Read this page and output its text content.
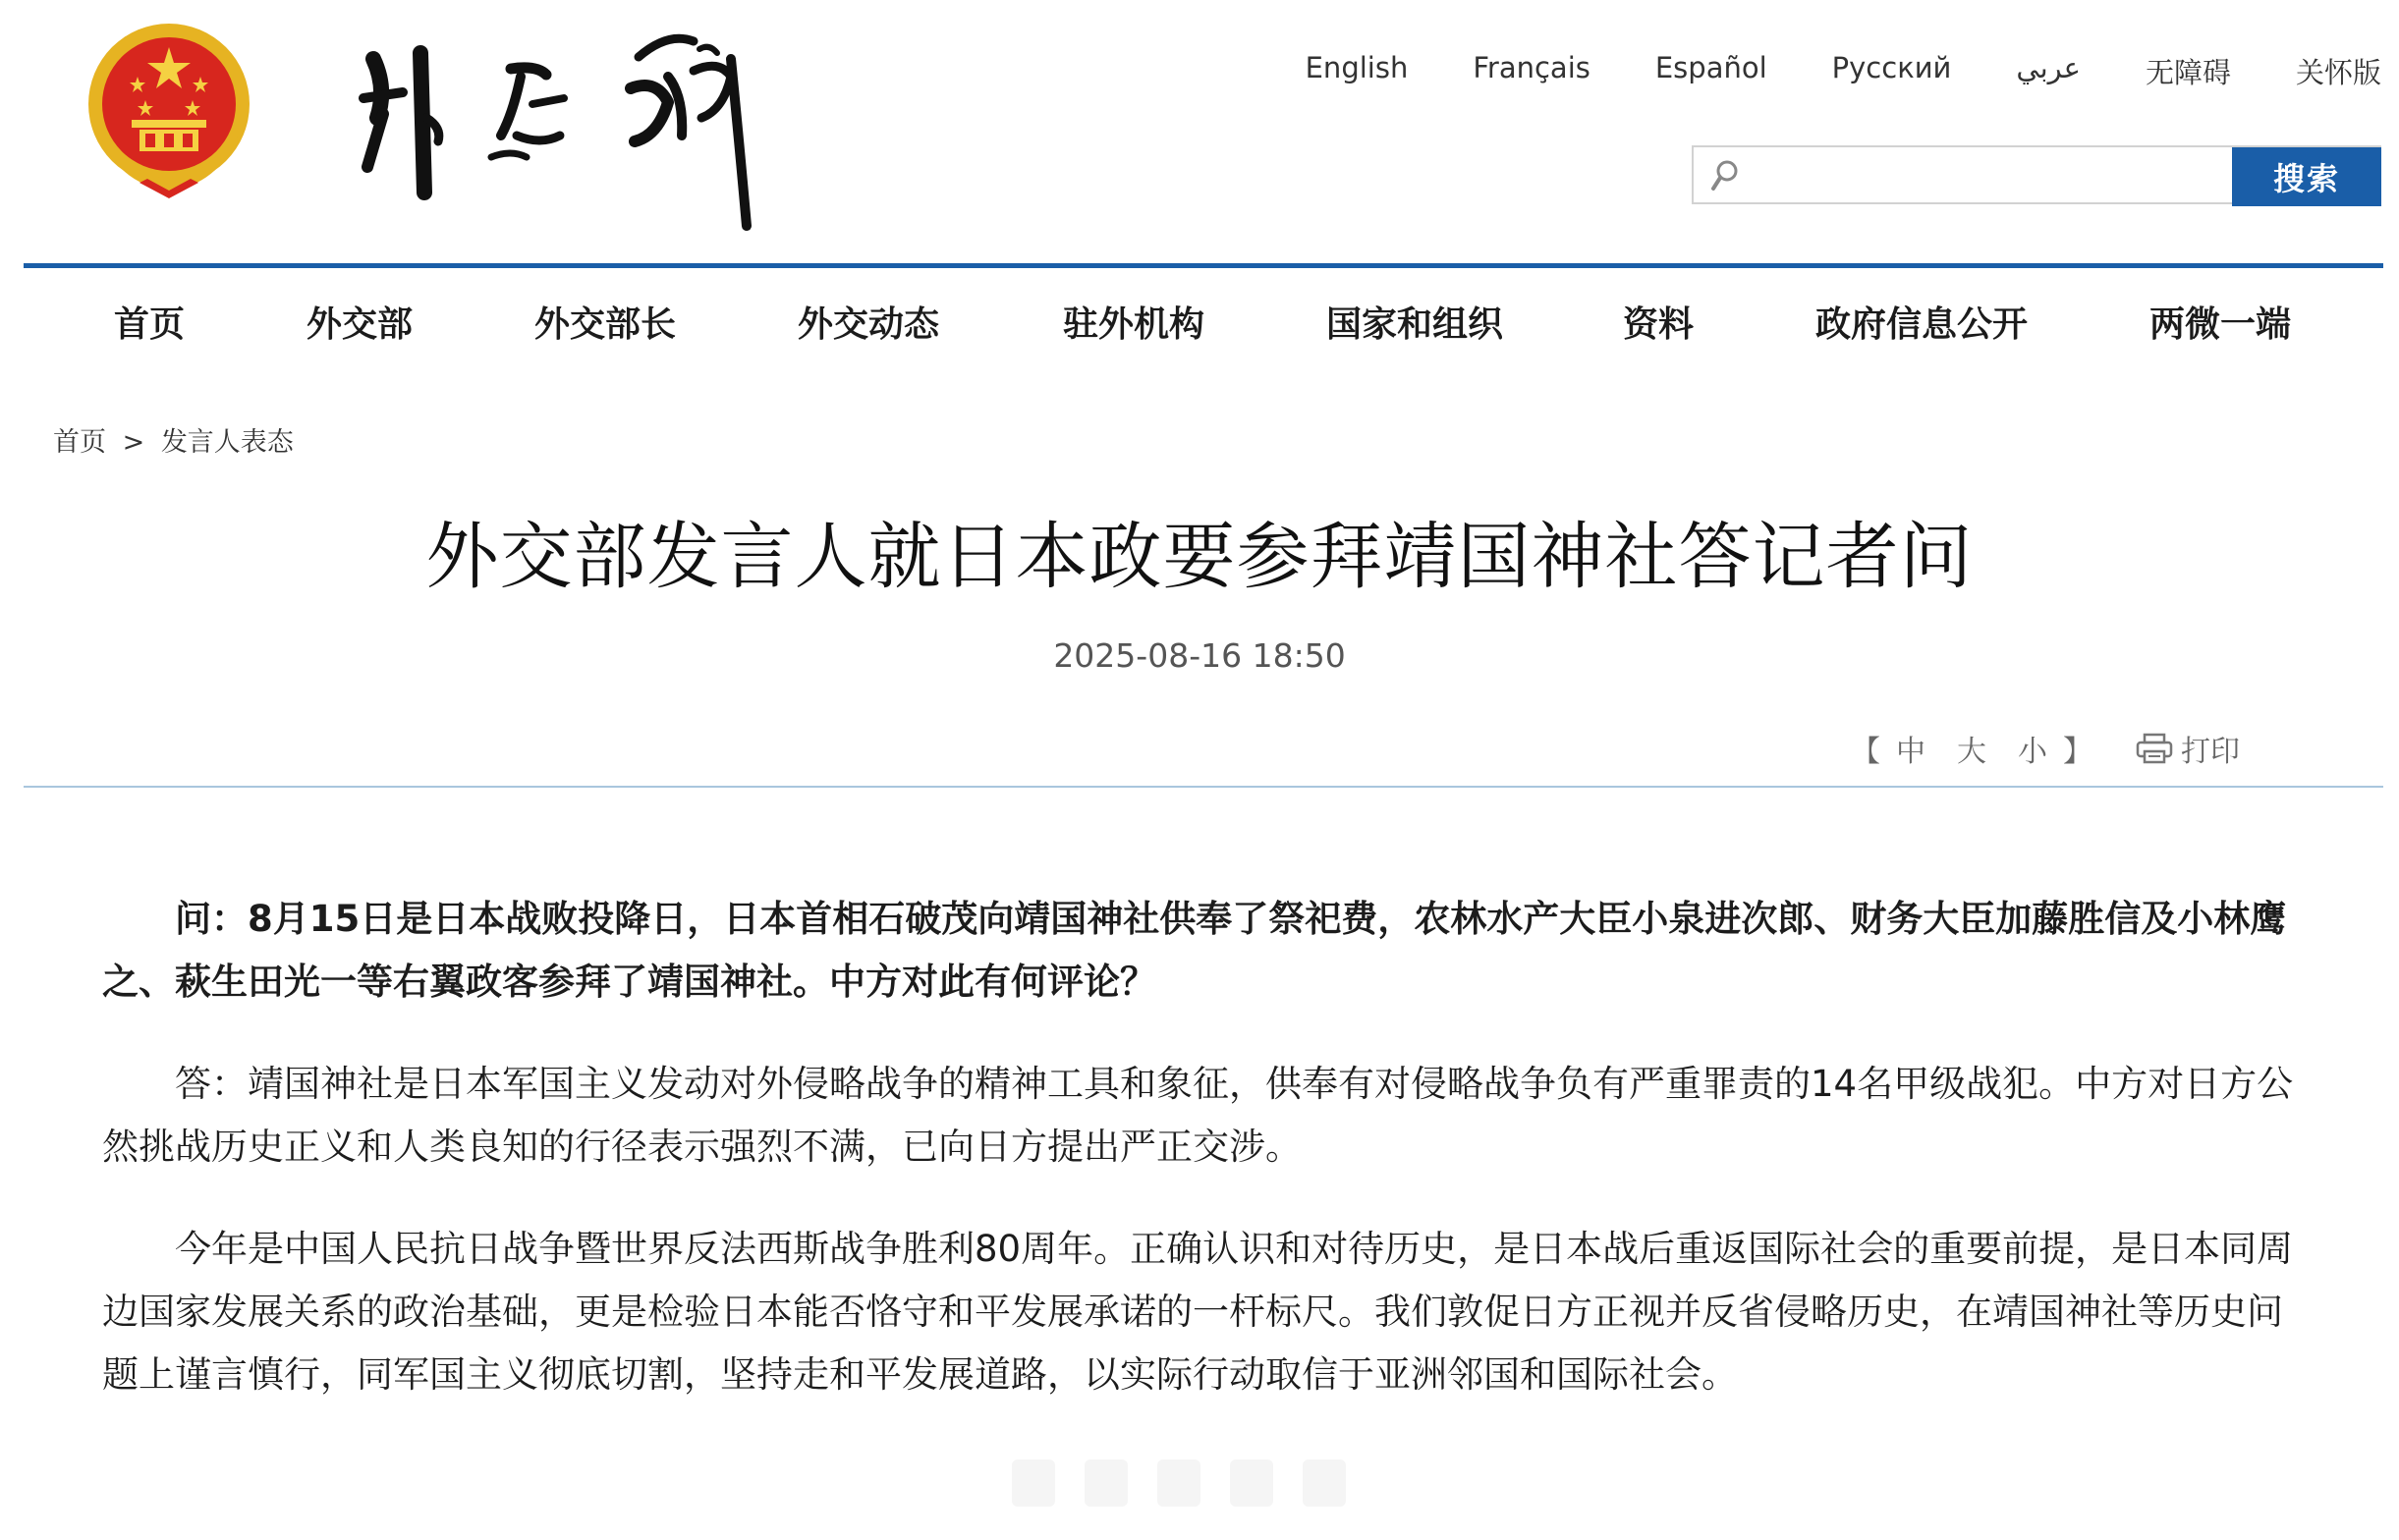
English Français Español Русский عربي 无障碍 关怀版
搜索
首页	外交部	外交部长	外交动态	驻外机构	国家和组织	资料	政府信息公开	两微一端
首页 > 发言人表态
外交部发言人就日本政要参拜靖国神社答记者问
2025-08-16 18:50
【 中 大 小 】	打印

问：8月15日是日本战败投降日，日本首相石破茂向靖国神社供奉了祭祀费，农林水产大臣小泉进次郎、财务大臣加藤胜信及小林鹰之、萩生田光一等右翼政客参拜了靖国神社。中方对此有何评论？

答：靖国神社是日本军国主义发动对外侵略战争的精神工具和象征，供奉有对侵略战争负有严重罪责的14名甲级战犯。中方对日方公然挑战历史正义和人类良知的行径表示强烈不满，已向日方提出严正交涉。

今年是中国人民抗日战争暨世界反法西斯战争胜利80周年。正确认识和对待历史，是日本战后重返国际社会的重要前提，是日本同周边国家发展关系的政治基础，更是检验日本能否恪守和平发展承诺的一杆标尺。我们敦促日方正视并反省侵略历史，在靖国神社等历史问题上谨言慎行，同军国主义彻底切割，坚持走和平发展道路，以实际行动取信于亚洲邻国和国际社会。
